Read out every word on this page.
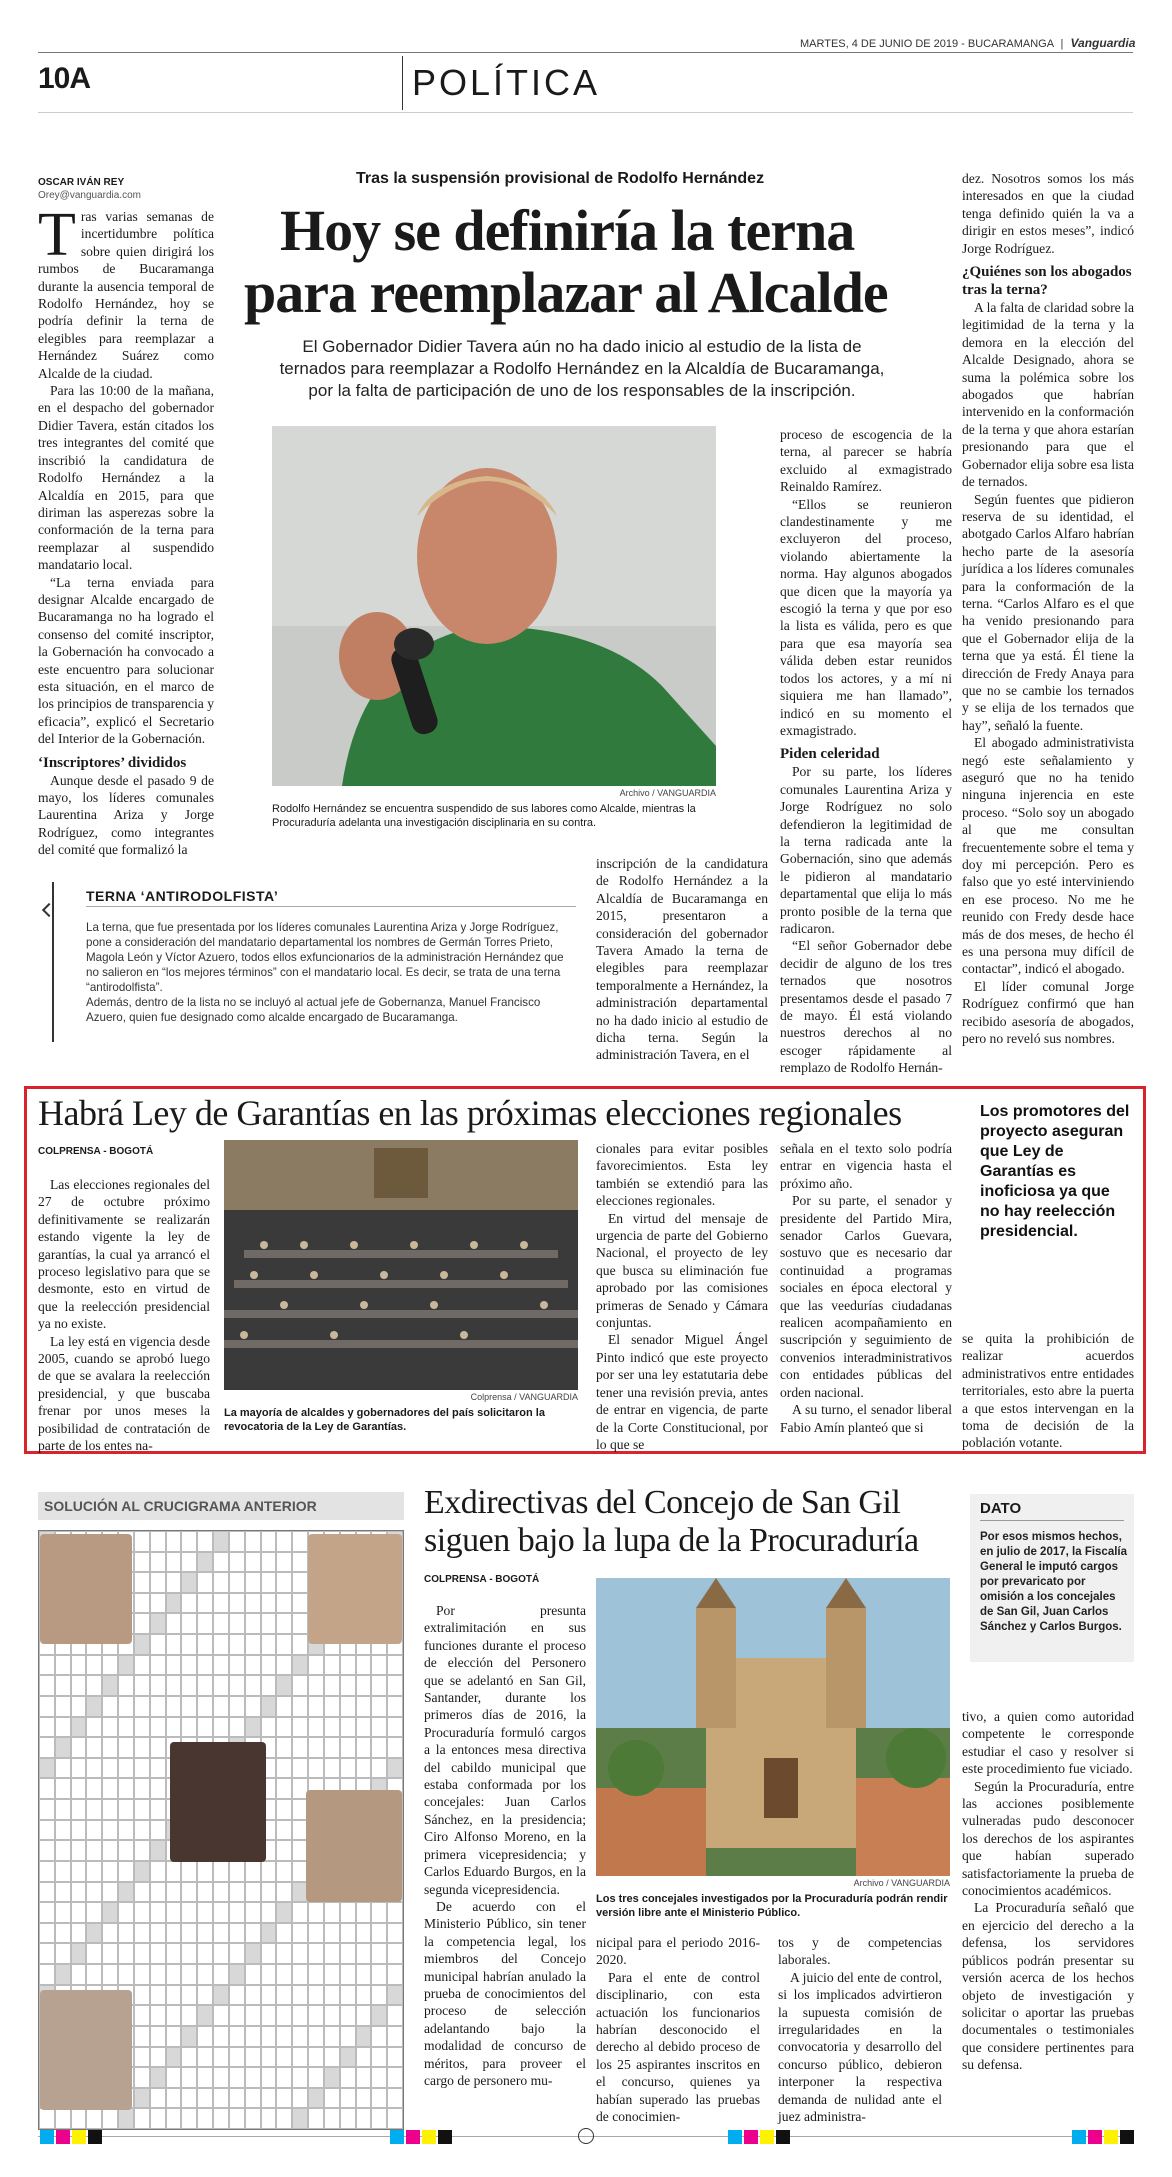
10A	POLÍTICA
MARTES, 4 DE JUNIO DE 2019 - BUCARAMANGA | Vanguardia
OSCAR IVÁN REY
Orey@vanguardia.com
Tras la suspensión provisional de Rodolfo Hernández
Hoy se definiría la terna
para reemplazar al Alcalde
El Gobernador Didier Tavera aún no ha dado inicio al estudio de la lista de ternados para reemplazar a Rodolfo Hernández en la Alcaldía de Bucaramanga, por la falta de participación de uno de los responsables de la inscripción.

Tras varias semanas de incertidumbre política sobre quien dirigirá los rumbos de Bucaramanga durante la ausencia temporal de Rodolfo Hernández, hoy se podría definir la terna de elegibles para reemplazar a Hernández Suárez como Alcalde de la ciudad.

Para las 10:00 de la mañana, en el despacho del gobernador Didier Tavera, están citados los tres integrantes del comité que inscribió la candidatura de Rodolfo Hernández a la Alcaldía en 2015, para que diriman las asperezas sobre la conformación de la terna para reemplazar al suspendido mandatario local.

“La terna enviada para designar Alcalde encargado de Bucaramanga no ha logrado el consenso del comité inscriptor, la Gobernación ha convocado a este encuentro para solucionar esta situación, en el marco de los principios de transparencia y eficacia”, explicó el Secretario del Interior de la Gobernación.

‘Inscriptores’ divididos

Aunque desde el pasado 9 de mayo, los líderes comunales Laurentina Ariza y Jorge Rodríguez, como integrantes del comité que formalizó la

Archivo / VANGUARDIA
Rodolfo Hernández se encuentra suspendido de sus labores como Alcalde, mientras la Procuraduría adelanta una investigación disciplinaria en su contra.
inscripción de la candidatura de Rodolfo Hernández a la Alcaldía de Bucaramanga en 2015, presentaron a consideración del gobernador Tavera Amado la terna de elegibles para reemplazar temporalmente a Hernández, la administración departamental no ha dado inicio al estudio de dicha terna. Según la administración Tavera, en el

proceso de escogencia de la terna, al parecer se habría excluido al exmagistrado Reinaldo Ramírez.

“Ellos se reunieron clandestinamente y me excluyeron del proceso, violando abiertamente la norma. Hay algunos abogados que dicen que la mayoría ya escogió la terna y que por eso la lista es válida, pero es que para que esa mayoría sea válida deben estar reunidos todos los actores, y a mí ni siquiera me han llamado”, indicó en su momento el exmagistrado.

Piden celeridad

Por su parte, los líderes comunales Laurentina Ariza y Jorge Rodríguez no solo defendieron la legitimidad de la terna radicada ante la Gobernación, sino que además le pidieron al mandatario departamental que elija lo más pronto posible de la terna que radicaron.

“El señor Gobernador debe decidir de alguno de los tres ternados que nosotros presentamos desde el pasado 7 de mayo. Él está violando nuestros derechos al no escoger rápidamente al remplazo de Rodolfo Hernán-

dez. Nosotros somos los más interesados en que la ciudad tenga definido quién la va a dirigir en estos meses”, indicó Jorge Rodríguez.

¿Quiénes son los abogados tras la terna?

A la falta de claridad sobre la legitimidad de la terna y la demora en la elección del Alcalde Designado, ahora se suma la polémica sobre los abogados que habrían intervenido en la conformación de la terna y que ahora estarían presionando para que el Gobernador elija sobre esa lista de ternados.

Según fuentes que pidieron reserva de su identidad, el abotgado Carlos Alfaro habrían hecho parte de la asesoría jurídica a los líderes comunales para la conformación de la terna. “Carlos Alfaro es el que ha venido presionando para que el Gobernador elija de la terna que ya está. Él tiene la dirección de Fredy Anaya para que no se cambie los ternados y se elija de los ternados que hay”, señaló la fuente.

El abogado administrativista negó este señalamiento y aseguró que no ha tenido ninguna injerencia en este proceso. “Solo soy un abogado al que me consultan frecuentemente sobre el tema y doy mi percepción. Pero es falso que yo esté interviniendo en ese proceso. No me he reunido con Fredy desde hace más de dos meses, de hecho él es una persona muy difícil de contactar”, indicó el abogado.

El líder comunal Jorge Rodríguez confirmó que han recibido asesoría de abogados, pero no reveló sus nombres.

TERNA ‘ANTIRODOLFISTA’

La terna, que fue presentada por los líderes comunales Laurentina Ariza y Jorge Rodríguez, pone a consideración del mandatario departamental los nombres de Germán Torres Prieto, Magola León y Víctor Azuero, todos ellos exfuncionarios de la administración Hernández que no salieron en “los mejores términos” con el mandatario local. Es decir, se trata de una terna “antirodolfista”.

Además, dentro de la lista no se incluyó al actual jefe de Gobernanza, Manuel Francisco Azuero, quien fue designado como alcalde encargado de Bucaramanga.

Habrá Ley de Garantías en las próximas elecciones regionales
COLPRENSA - BOGOTÁ
Los promotores del proyecto aseguran que Ley de Garantías es inoficiosa ya que no hay reelección presidencial.

Las elecciones regionales del 27 de octubre próximo definitivamente se realizarán estando vigente la ley de garantías, la cual ya arrancó el proceso legislativo para que se desmonte, esto en virtud de que la reelección presidencial ya no existe.

La ley está en vigencia desde 2005, cuando se aprobó luego de que se avalara la reelección presidencial, y que buscaba frenar por unos meses la posibilidad de contratación de parte de los entes na-

Colprensa / VANGUARDIA
La mayoría de alcaldes y gobernadores del país solicitaron la revocatoria de la Ley de Garantías.

cionales para evitar posibles favorecimientos. Esta ley también se extendió para las elecciones regionales.

En virtud del mensaje de urgencia de parte del Gobierno Nacional, el proyecto de ley que busca su eliminación fue aprobado por las comisiones primeras de Senado y Cámara conjuntas.

El senador Miguel Ángel Pinto indicó que este proyecto por ser una ley estatutaria debe tener una revisión previa, antes de entrar en vigencia, de parte de la Corte Constitucional, por lo que se

señala en el texto solo podría entrar en vigencia hasta el próximo año.

Por su parte, el senador y presidente del Partido Mira, senador Carlos Guevara, sostuvo que es necesario dar continuidad a programas sociales en época electoral y que las veedurías ciudadanas realicen acompañamiento en suscripción y seguimiento de convenios interadministrativos con entidades públicas del orden nacional.

A su turno, el senador liberal Fabio Amín planteó que si

se quita la prohibición de realizar acuerdos administrativos entre entidades territoriales, esto abre la puerta a que estos intervengan en la toma de decisión de la población votante.
SOLUCIÓN AL CRUCIGRAMA ANTERIOR	Exdirectivas del Concejo de San Gil
siguen bajo la lupa de la Procuraduría
COLPRENSA - BOGOTÁ

Por presunta extralimitación en sus funciones durante el proceso de elección del Personero que se adelantó en San Gil, Santander, durante los primeros días de 2016, la Procuraduría formuló cargos a la entonces mesa directiva del cabildo municipal que estaba conformada por los concejales: Juan Carlos Sánchez, en la presidencia; Ciro Alfonso Moreno, en la primera vicepresidencia; y Carlos Eduardo Burgos, en la segunda vicepresidencia.

De acuerdo con el Ministerio Público, sin tener la competencia legal, los miembros del Concejo municipal habrían anulado la prueba de conocimientos del proceso de selección adelantando bajo la modalidad de concurso de méritos, para proveer el cargo de personero mu-

Archivo / VANGUARDIA
Los tres concejales investigados por la Procuraduría podrán rendir versión libre ante el Ministerio Público.

nicipal para el periodo 2016-2020.

Para el ente de control disciplinario, con esta actuación los funcionarios habrían desconocido el derecho al debido proceso de los 25 aspirantes inscritos en el concurso, quienes ya habían superado las pruebas de conocimien-

tos y de competencias laborales.

A juicio del ente de control, si los implicados advirtieron la supuesta comisión de irregularidades en la convocatoria y desarrollo del concurso público, debieron interponer la respectiva demanda de nulidad ante el juez administra-

tivo, a quien como autoridad competente le corresponde estudiar el caso y resolver si este procedimiento fue viciado.

Según la Procuraduría, entre las acciones posiblemente vulneradas pudo desconocer los derechos de los aspirantes que habían superado satisfactoriamente la prueba de conocimientos académicos.

La Procuraduría señaló que en ejercicio del derecho a la defensa, los servidores públicos podrán presentar su versión acerca de los hechos objeto de investigación y solicitar o aportar las pruebas documentales o testimoniales que considere pertinentes para su defensa.

DATO
Por esos mismos hechos, en julio de 2017, la Fiscalía General le imputó cargos por prevaricato por omisión a los concejales de San Gil, Juan Carlos Sánchez y Carlos Burgos.
